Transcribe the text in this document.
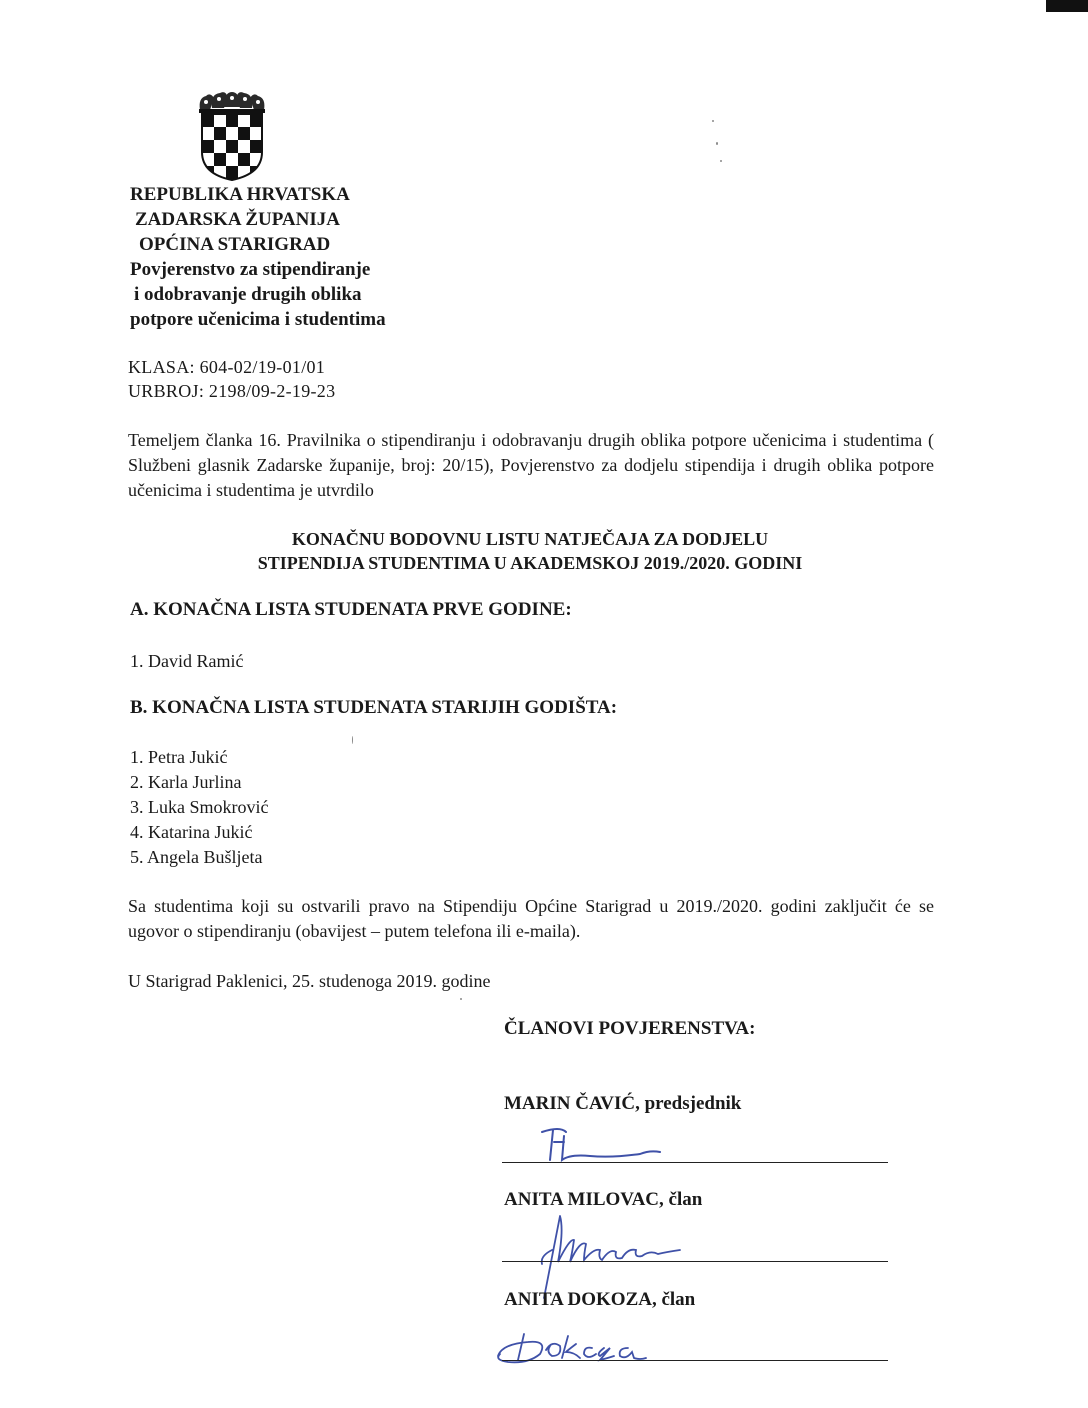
REPUBLIKA HRVATSKA
ZADARSKA ŽUPANIJA
OPĆINA STARIGRAD
Povjerenstvo za stipendiranje
i odobravanje drugih oblika
potpore učenicima i studentima
KLASA: 604-02/19-01/01
URBROJ: 2198/09-2-19-23
Temeljem članka 16. Pravilnika o stipendiranju i odobravanju drugih oblika potpore učenicima i studentima ( Službeni glasnik Zadarske županije, broj: 20/15), Povjerenstvo za dodjelu stipendija i drugih oblika potpore učenicima i studentima je utvrdilo
KONAČNU BODOVNU LISTU NATJEČAJA ZA DODJELU
STIPENDIJA STUDENTIMA U AKADEMSKOJ 2019./2020. GODINI
A. KONAČNA LISTA STUDENATA PRVE GODINE:
1. David Ramić
B. KONAČNA LISTA STUDENATA STARIJIH GODIŠTA:
1. Petra Jukić
2. Karla Jurlina
3. Luka Smokrović
4. Katarina Jukić
5. Angela Bušljeta
Sa studentima koji su ostvarili pravo na Stipendiju Općine Starigrad u 2019./2020. godini zaključit će se ugovor o stipendiranju (obavijest – putem telefona ili e-maila).
U Starigrad Paklenici, 25. studenoga 2019. godine
ČLANOVI POVJERENSTVA:
MARIN ČAVIĆ, predsjednik
ANITA MILOVAC, član
ANITA DOKOZA, član
